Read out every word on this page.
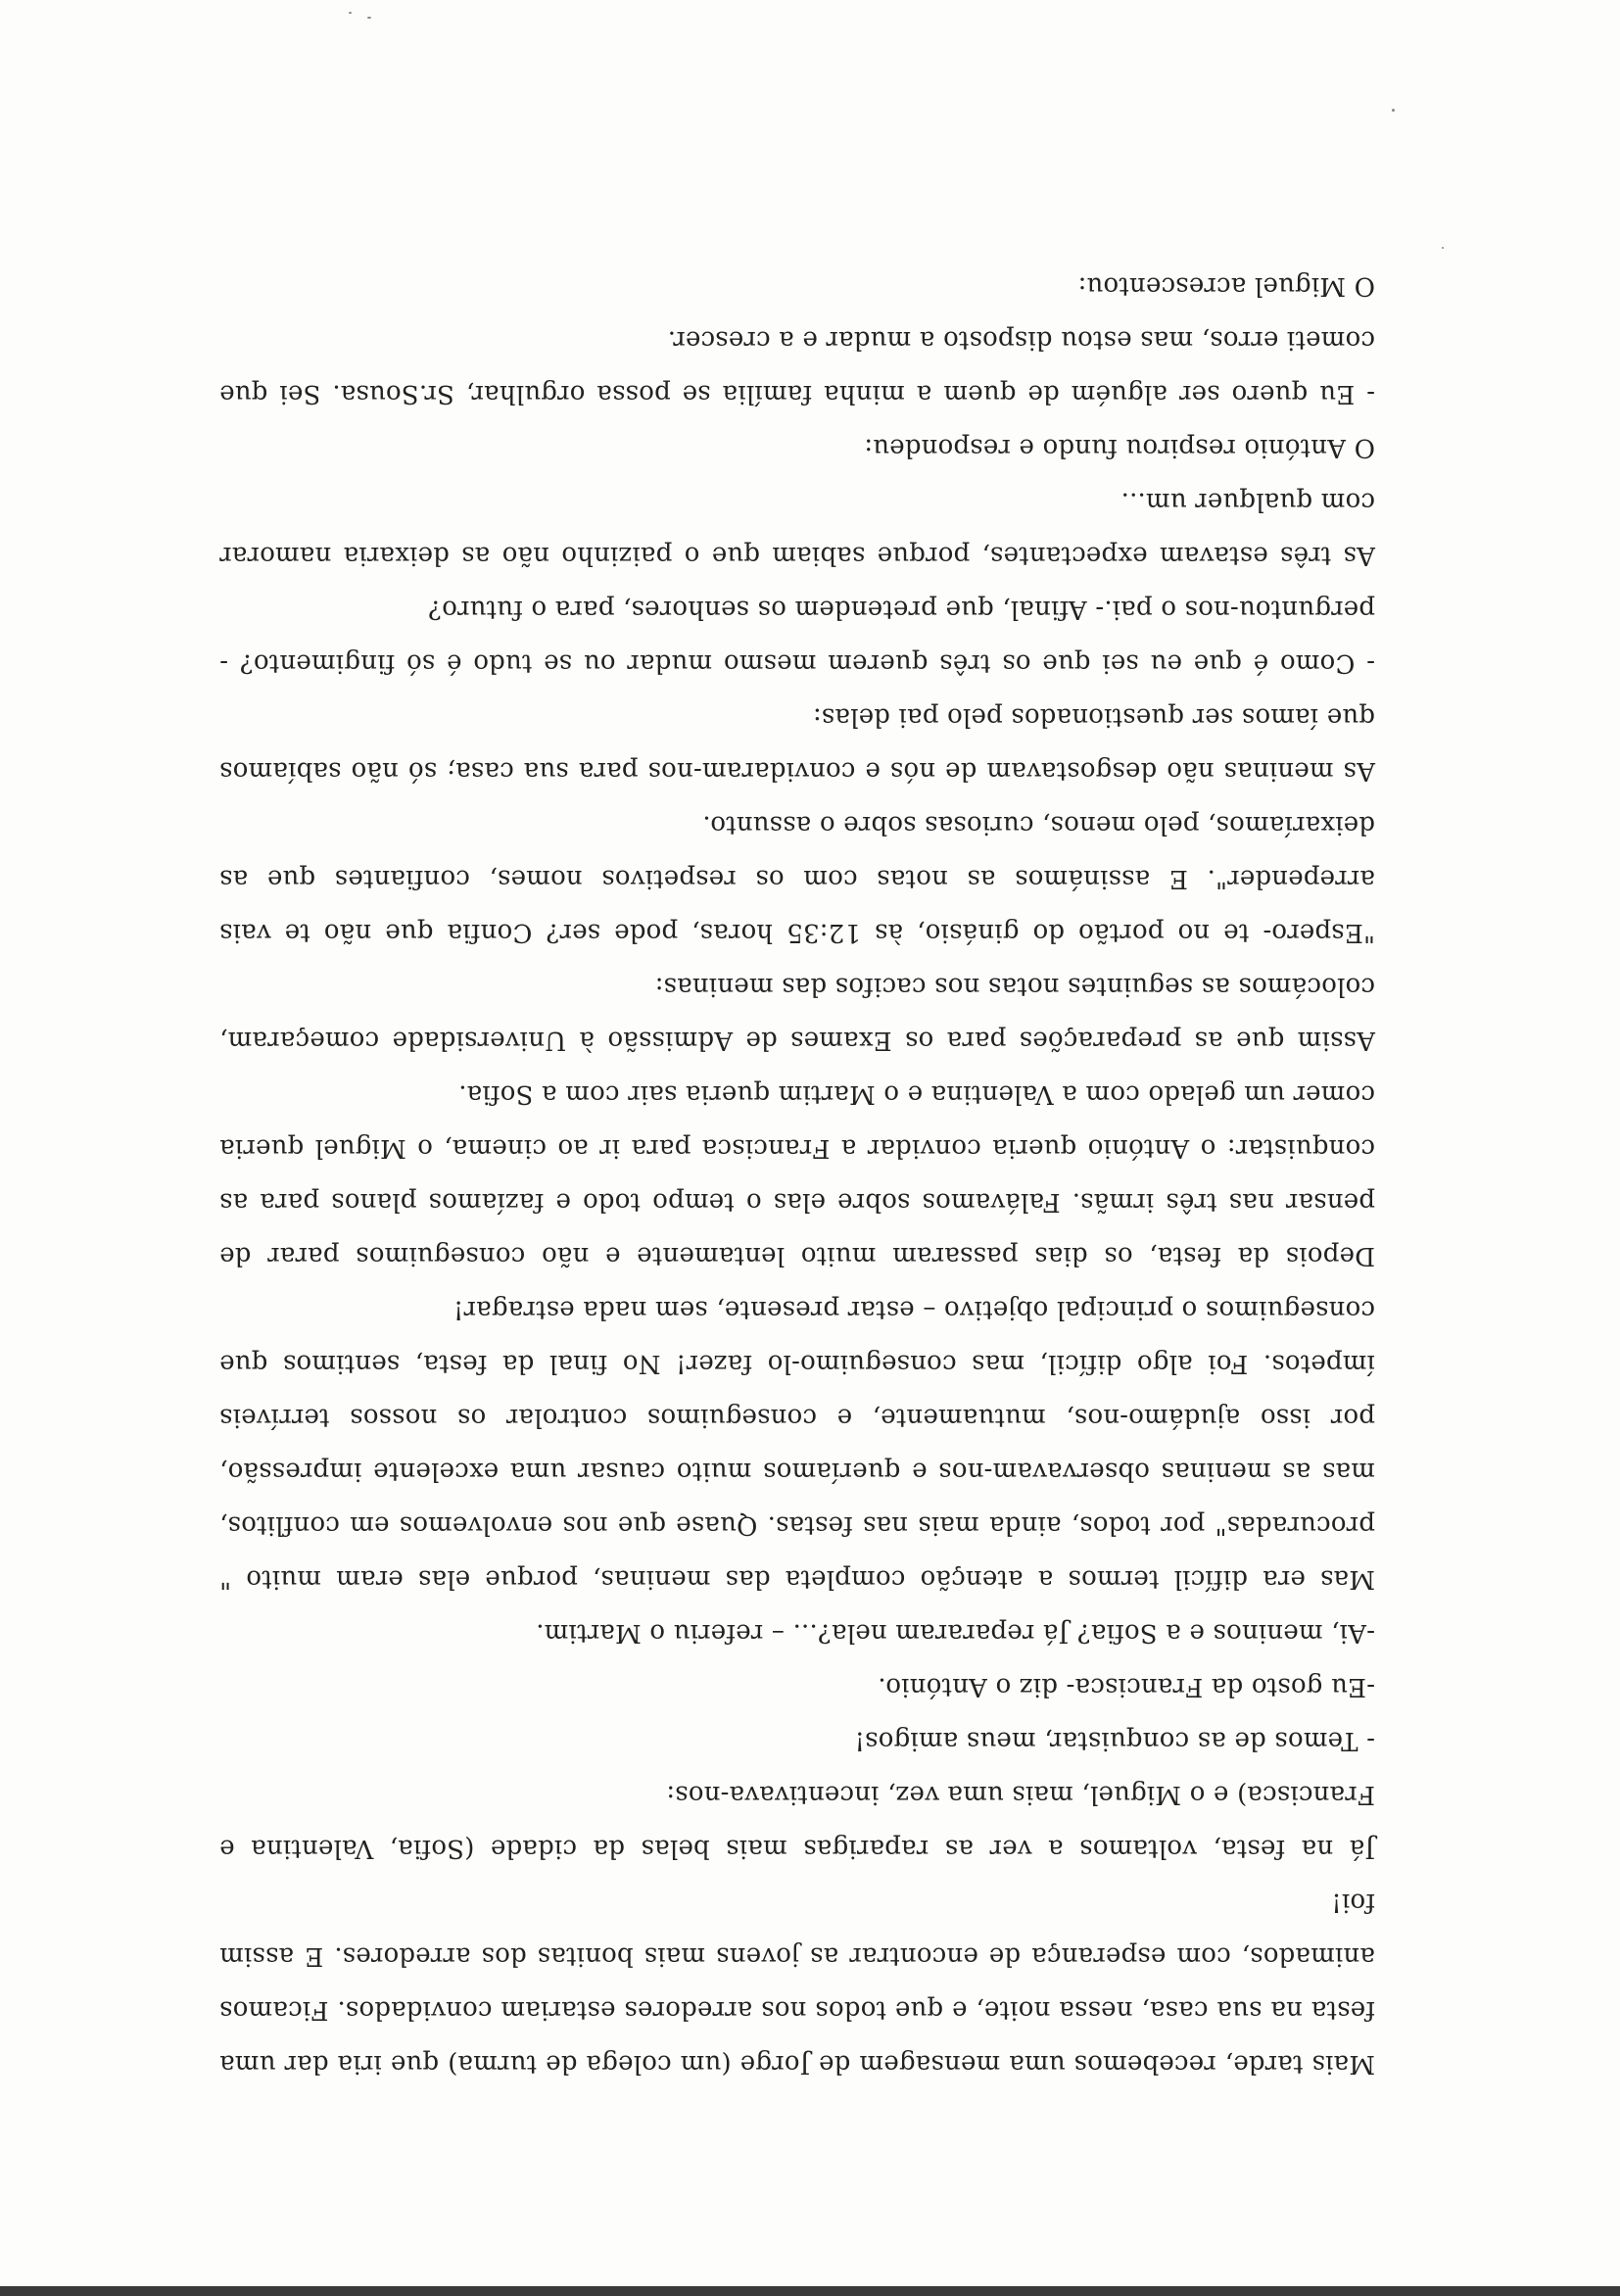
Mais tarde, recebemos uma mensagem de Jorge (um colega de turma) que iria dar uma festa na sua casa, nessa noite, e que todos nos arredores estariam convidados. Ficamos animados, com esperança de encontrar as jovens mais bonitas dos arredores. E assim foi!

Já na festa, voltamos a ver as raparigas mais belas da cidade (Sofia, Valentina e Francisca) e o Miguel, mais uma vez, incentivava-nos:

- Temos de as conquistar, meus amigos!

-Eu gosto da Francisca- diz o António.

-Ai, meninos e a Sofia? Já repararam nela?... – referiu o Martim.

Mas era difícil termos a atenção completa das meninas, porque elas eram muito " procuradas" por todos, ainda mais nas festas. Quase que nos envolvemos em conflitos, mas as meninas observavam-nos e queríamos muito causar uma excelente impressão, por isso ajudámo-nos, mutuamente, e conseguimos controlar os nossos terríveis ímpetos. Foi algo difícil, mas conseguimo-lo fazer! No final da festa, sentimos que conseguimos o principal objetivo – estar presente, sem nada estragar!

Depois da festa, os dias passaram muito lentamente e não conseguimos parar de pensar nas três irmãs. Falávamos sobre elas o tempo todo e fazíamos planos para as conquistar: o António queria convidar a Francisca para ir ao cinema, o Miguel queria comer um gelado com a Valentina e o Martim queria sair com a Sofia.

Assim que as preparações para os Exames de Admissão à Universidade começaram, colocámos as seguintes notas nos cacifos das meninas:

"Espero- te no portão do ginásio, às 12:35 horas, pode ser? Confia que não te vais arrepender". E assinámos as notas com os respetivos nomes, confiantes que as deixaríamos, pelo menos, curiosas sobre o assunto.

As meninas não desgostavam de nós e convidaram-nos para sua casa; só não sabíamos que íamos ser questionados pelo pai delas:

- Como é que eu sei que os três querem mesmo mudar ou se tudo é só fingimento? - perguntou-nos o pai.- Afinal, que pretendem os senhores, para o futuro?

As três estavam expectantes, porque sabiam que o paizinho não as deixaria namorar com qualquer um...

O António respirou fundo e respondeu:

- Eu quero ser alguém de quem a minha família se possa orgulhar, Sr.Sousa. Sei que cometi erros, mas estou disposto a mudar e a crescer.

O Miguel acrescentou:
